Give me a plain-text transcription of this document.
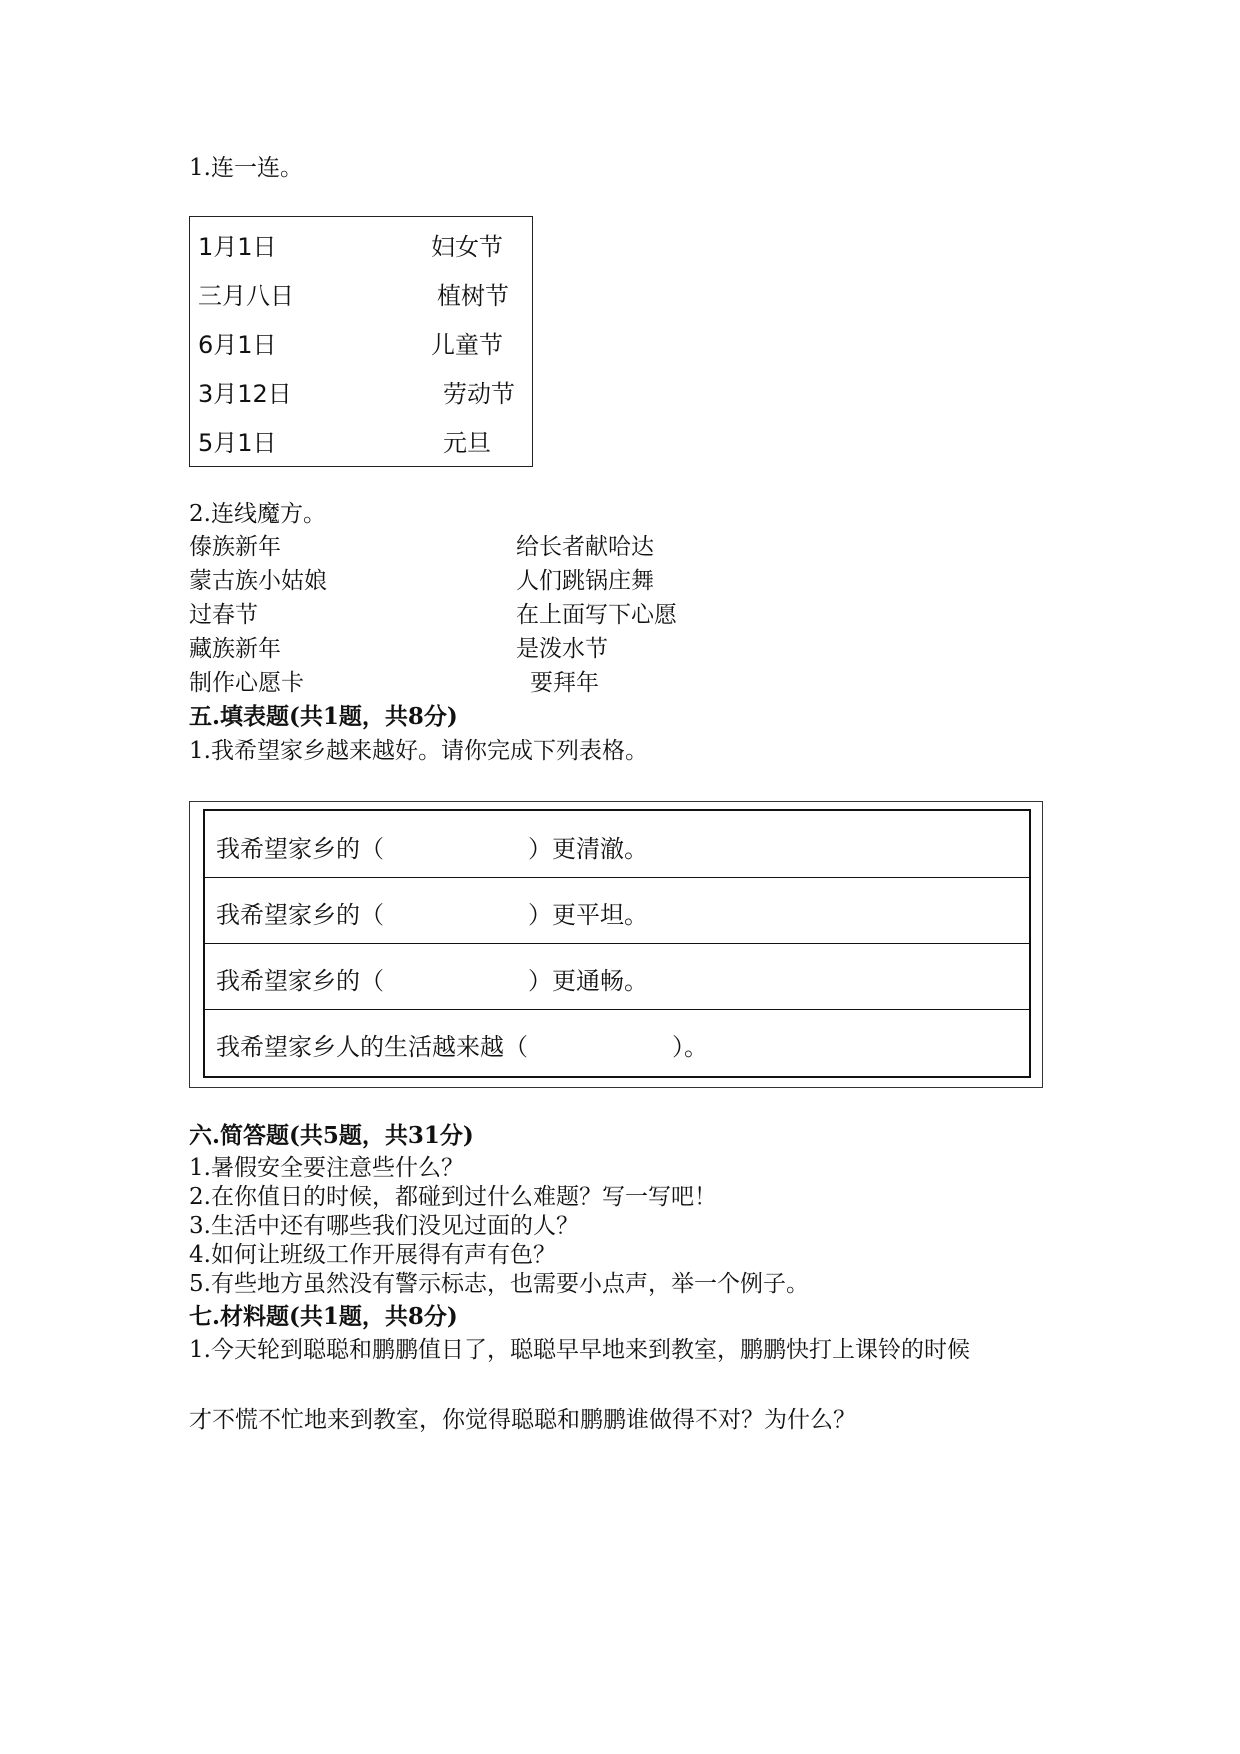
1.连一连。
1月1日	妇女节
三月八日	植树节
6月1日	儿童节
3月12日	劳动节
5月1日	元旦
2.连线魔方。
傣族新年	给长者献哈达
蒙古族小姑娘	人们跳锅庄舞
过春节	在上面写下心愿
藏族新年	是泼水节
制作心愿卡	要拜年
五.填表题(共1题，共8分)
1.我希望家乡越来越好。请你完成下列表格。
我希望家乡的（　　　　　　）更清澈。
我希望家乡的（　　　　　　）更平坦。
我希望家乡的（　　　　　　）更通畅。
我希望家乡人的生活越来越（　　　　　　）。
六.简答题(共5题，共31分)
1.暑假安全要注意些什么？
2.在你值日的时候，都碰到过什么难题？写一写吧！
3.生活中还有哪些我们没见过面的人？
4.如何让班级工作开展得有声有色？
5.有些地方虽然没有警示标志，也需要小点声，举一个例子。
七.材料题(共1题，共8分)
1.今天轮到聪聪和鹏鹏值日了，聪聪早早地来到教室，鹏鹏快打上课铃的时候
才不慌不忙地来到教室，你觉得聪聪和鹏鹏谁做得不对？为什么？
